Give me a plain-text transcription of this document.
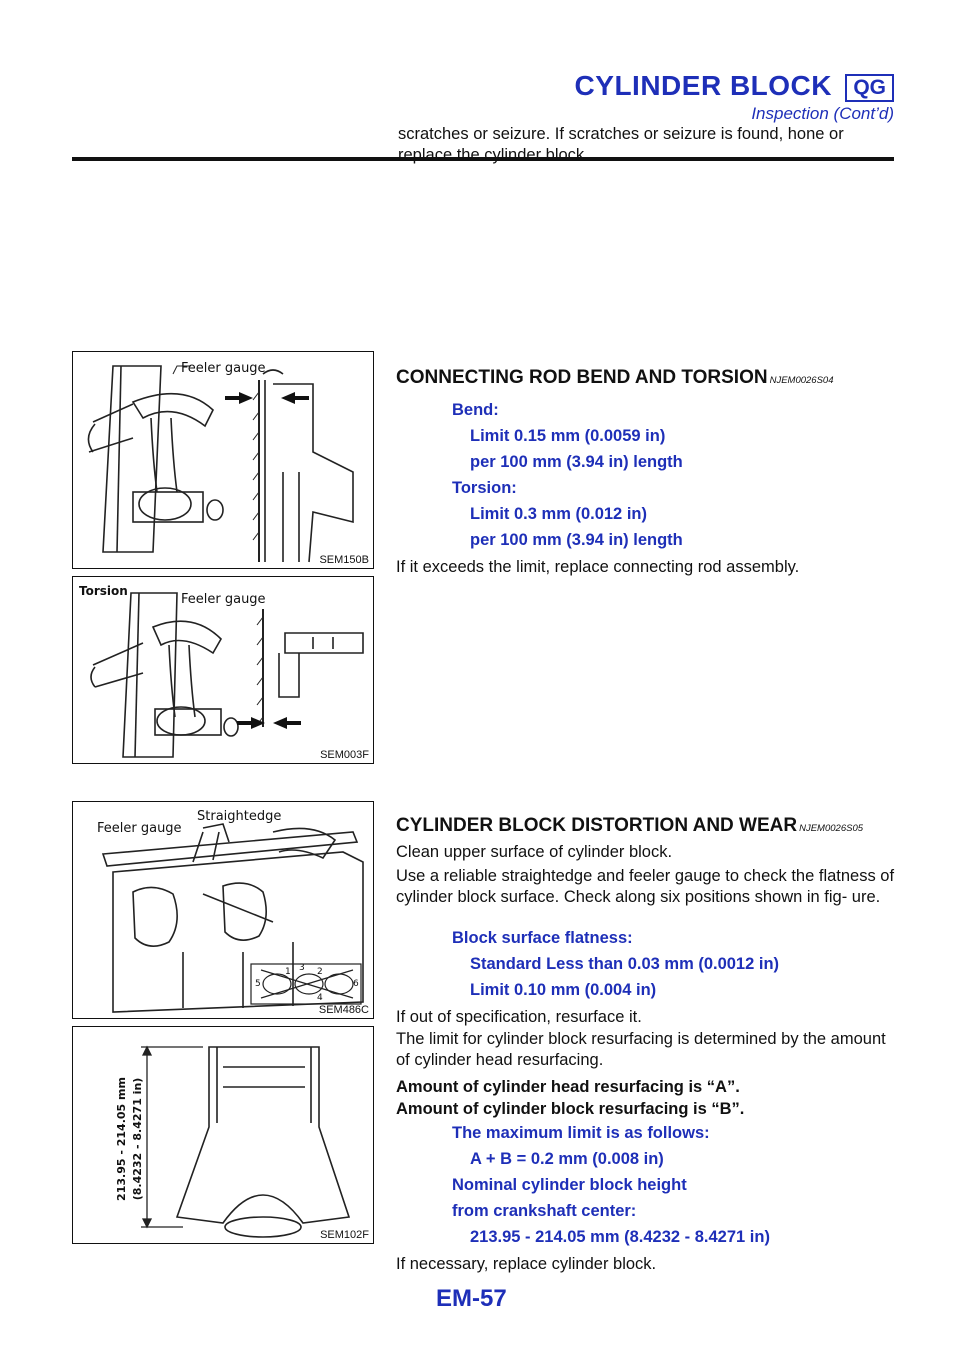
CYLINDER BLOCK	QG
Inspection (Cont’d)
scratches or seizure. If scratches or seizure is found, hone or replace the cylinder block.
Feeler gauge
SEM150B
Torsion
Feeler gauge
SEM003F
Feeler gauge
Straightedge
1	2
3
4
5	6
SEM486C
213.95 - 214.05 mm (8.4232 - 8.4271 in)
SEM102F
CONNECTING ROD BEND AND TORSION NJEM0026S04
Bend:
Limit 0.15 mm (0.0059 in)
per 100 mm (3.94 in) length
Torsion:
Limit 0.3 mm (0.012 in)
per 100 mm (3.94 in) length
If it exceeds the limit, replace connecting rod assembly.
CYLINDER BLOCK DISTORTION AND WEAR NJEM0026S05
Clean upper surface of cylinder block.
Use a reliable straightedge and feeler gauge to check the flatness of cylinder block surface. Check along six positions shown in fig- ure.
Block surface flatness:
Standard Less than 0.03 mm (0.0012 in)
Limit 0.10 mm (0.004 in)
If out of specification, resurface it.
The limit for cylinder block resurfacing is determined by the amount of cylinder head resurfacing.
Amount of cylinder head resurfacing is “A”.
Amount of cylinder block resurfacing is “B”.
The maximum limit is as follows:
A + B = 0.2 mm (0.008 in)
Nominal cylinder block height
from crankshaft center:
213.95 - 214.05 mm (8.4232 - 8.4271 in)
If necessary, replace cylinder block.
EM-57
